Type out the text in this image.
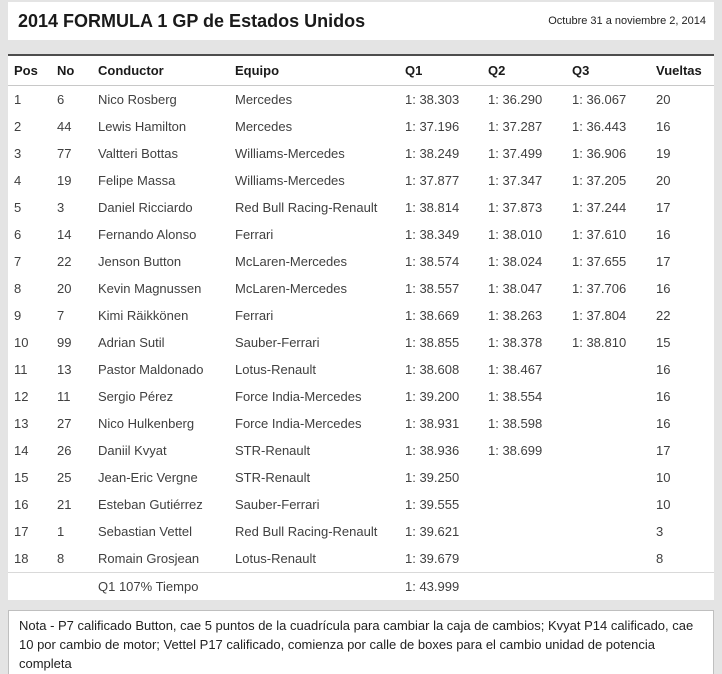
2014 FORMULA 1 GP de Estados Unidos	Octubre 31 a noviembre 2, 2014
Pos	No	Conductor	Equipo	Q1	Q2	Q3	Vueltas
1	6	Nico Rosberg	Mercedes	1: 38.303	1: 36.290	1: 36.067	20
2	44	Lewis Hamilton	Mercedes	1: 37.196	1: 37.287	1: 36.443	16
3	77	Valtteri Bottas	Williams-Mercedes	1: 38.249	1: 37.499	1: 36.906	19
4	19	Felipe Massa	Williams-Mercedes	1: 37.877	1: 37.347	1: 37.205	20
5	3	Daniel Ricciardo	Red Bull Racing-Renault	1: 38.814	1: 37.873	1: 37.244	17
6	14	Fernando Alonso	Ferrari	1: 38.349	1: 38.010	1: 37.610	16
7	22	Jenson Button	McLaren-Mercedes	1: 38.574	1: 38.024	1: 37.655	17
8	20	Kevin Magnussen	McLaren-Mercedes	1: 38.557	1: 38.047	1: 37.706	16
9	7	Kimi Räikkönen	Ferrari	1: 38.669	1: 38.263	1: 37.804	22
10	99	Adrian Sutil	Sauber-Ferrari	1: 38.855	1: 38.378	1: 38.810	15
11	13	Pastor Maldonado	Lotus-Renault	1: 38.608	1: 38.467		16
12	11	Sergio Pérez	Force India-Mercedes	1: 39.200	1: 38.554		16
13	27	Nico Hulkenberg	Force India-Mercedes	1: 38.931	1: 38.598		16
14	26	Daniil Kvyat	STR-Renault	1: 38.936	1: 38.699		17
15	25	Jean-Eric Vergne	STR-Renault	1: 39.250			10
16	21	Esteban Gutiérrez	Sauber-Ferrari	1: 39.555			10
17	1	Sebastian Vettel	Red Bull Racing-Renault	1: 39.621			3
18	8	Romain Grosjean	Lotus-Renault	1: 39.679			8
		Q1 107% Tiempo		1: 43.999			
Nota - P7 calificado Button, cae 5 puntos de la cuadrícula para cambiar la caja de cambios; Kvyat P14 calificado, cae 10 por cambio de motor; Vettel P17 calificado, comienza por calle de boxes para el cambio unidad de potencia completa
